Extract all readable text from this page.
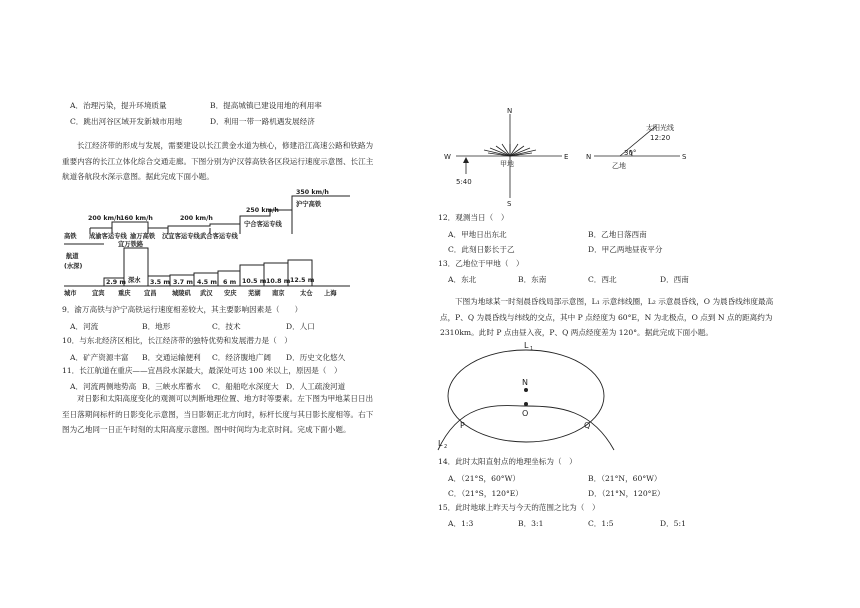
A．治理污染，提升环境质量	B．提高城镇已建设用地的利用率
C．跳出河谷区域开发新城市用地	D．利用一带一路机遇发展经济
长江经济带的形成与发展，需要建设以长江黄金水道为核心，修建沿江高速公路和铁路为重要内容的长江立体化综合交通走廊。下图分别为沪汉蓉高铁各区段运行速度示意图、长江主航道各航段水深示意图。据此完成下面小题。
200 km/h 160 km/h	200 km/h
250 km/h
350 km/h
高铁 成渝客运专线 渝万高铁
宜万铁路
汉宜客运专线 武合客运专线
宁合客运专线
沪宁高铁
航道
(水深)
2.9 m 深水 3.5 m 3.7 m 4.5 m 6 m 10.5 m 10.8 m 12.5 m
城市 宜宾 重庆 宜昌 城陵矶 武汉 安庆 芜湖 南京 太仓 上海
9．渝万高铁与沪宁高铁运行速度相差较大，其主要影响因素是（　　）
A．河流	B．地形	C．技术	D．人口
10．与东北经济区相比，长江经济带的独特优势和发展潜力是（　）
A．矿产资源丰富 B．交通运输便利 C．经济腹地广阔 D．历史文化悠久
11．长江航道在重庆——宜昌段水深最大，最深处可达 100 米以上，原因是（　）
A．河流两侧地势高 B．三峡水库蓄水 C．船舶吃水深度大 D．人工疏浚河道
对日影和太阳高度变化的观测可以判断地理位置、地方时等要素。左下图为甲地某日日出至日落期间标杆的日影变化示意图，当日影朝正北方向时，标杆长度与其日影长度相等。右下图为乙地同一日正午时刻的太阳高度示意图。图中时间均为北京时间。完成下面小题。
N
S
W	E
甲地
5:40
太阳光线
12:20
30°
N	S
乙地
12．观测当日（　）
A．甲地日出东北	B．乙地日落西南
C．此刻日影长于乙	D．甲乙两地昼夜平分
13．乙地位于甲地（　）
A．东北	B．东南	C．西北	D．西南
下图为地球某一时刻晨昏线局部示意图，L₁ 示意纬线圈，L₂ 示意晨昏线，O 为晨昏线纬度最高点，P、Q 为晨昏线与纬线的交点，其中 P 点经度为 60°E，N 为北极点，O 点到 N 点的距离约为 2310km。此时 P 点由昼入夜，P、Q 两点经度差为 120°。据此完成下面小题。
L 1
L 2
N
O
P	Q
14．此时太阳直射点的地理坐标为（　）
A．（21°S，60°W）	B．（21°N，60°W）
C．（21°S，120°E）	D．（21°N，120°E）
15．此时地球上昨天与今天的范围之比为（　）
A．1:3	B．3:1	C．1:5	D．5:1
